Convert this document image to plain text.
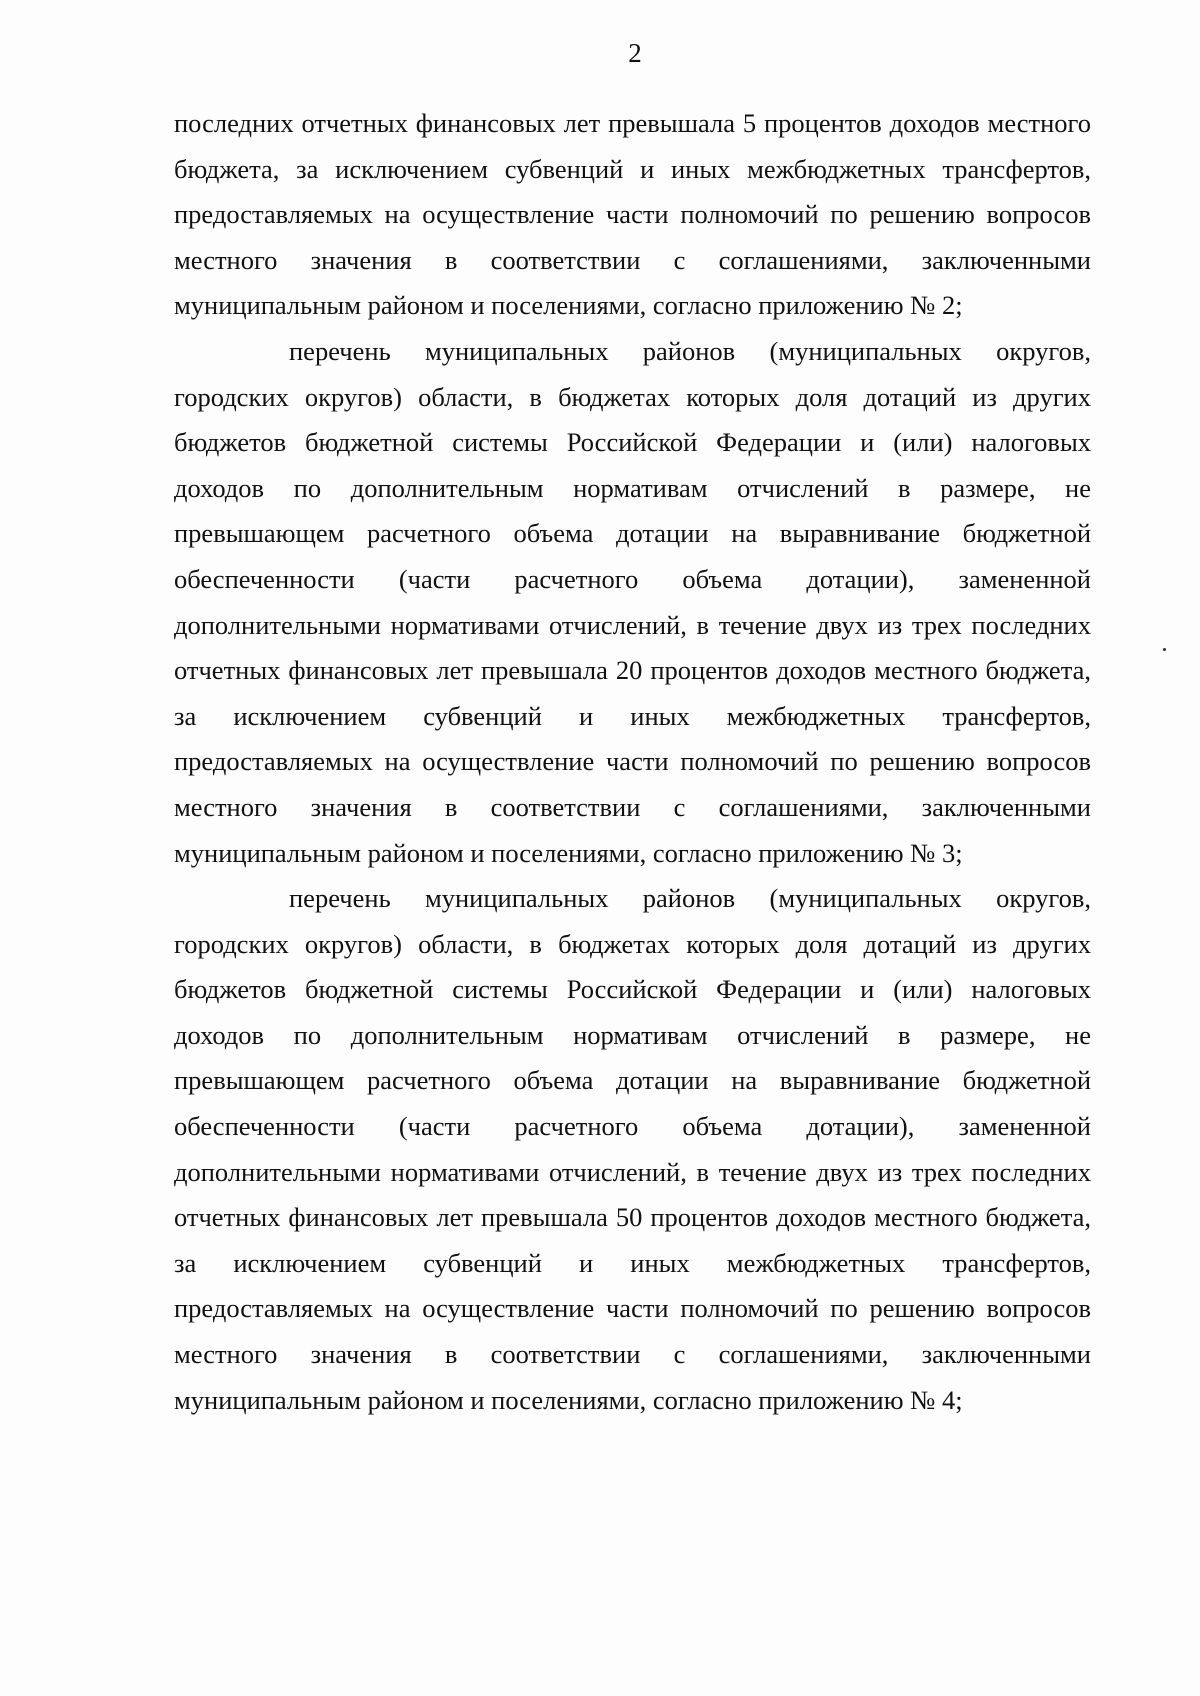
2

последних отчетных финансовых лет превышала 5 процентов доходов местного бюджета, за исключением субвенций и иных межбюджетных трансфертов, предоставляемых на осуществление части полномочий по решению вопросов местного значения в соответствии с соглашениями, заключенными муниципальным районом и поселениями, согласно приложению № 2;

перечень муниципальных районов (муниципальных округов, городских округов) области, в бюджетах которых доля дотаций из других бюджетов бюджетной системы Российской Федерации и (или) налоговых доходов по дополнительным нормативам отчислений в размере, не превышающем расчетного объема дотации на выравнивание бюджетной обеспеченности (части расчетного объема дотации), замененной дополнительными нормативами отчислений, в течение двух из трех последних отчетных финансовых лет превышала 20 процентов доходов местного бюджета, за исключением субвенций и иных межбюджетных трансфертов, предоставляемых на осуществление части полномочий по решению вопросов местного значения в соответствии с соглашениями, заключенными муниципальным районом и поселениями, согласно приложению № 3;

перечень муниципальных районов (муниципальных округов, городских округов) области, в бюджетах которых доля дотаций из других бюджетов бюджетной системы Российской Федерации и (или) налоговых доходов по дополнительным нормативам отчислений в размере, не превышающем расчетного объема дотации на выравнивание бюджетной обеспеченности (части расчетного объема дотации), замененной дополнительными нормативами отчислений, в течение двух из трех последних отчетных финансовых лет превышала 50 процентов доходов местного бюджета, за исключением субвенций и иных межбюджетных трансфертов, предоставляемых на осуществление части полномочий по решению вопросов местного значения в соответствии с соглашениями, заключенными муниципальным районом и поселениями, согласно приложению № 4;
